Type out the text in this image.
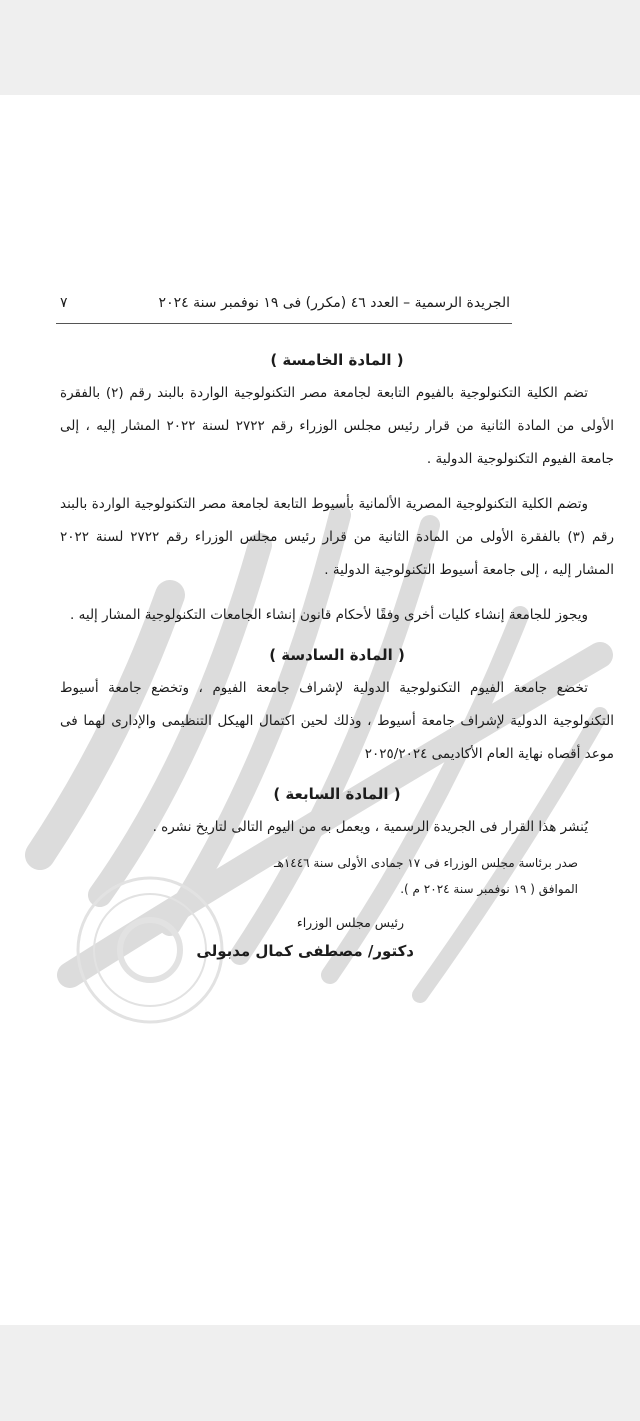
الجريدة الرسمية – العدد ٤٦ (مكرر) فى ١٩ نوفمبر سنة ٢٠٢٤
٧

( المادة الخامسة )

تضم الكلية التكنولوجية بالفيوم التابعة لجامعة مصر التكنولوجية الواردة بالبند رقم (٢) بالفقرة الأولى من المادة الثانية من قرار رئيس مجلس الوزراء رقم ٢٧٢٢ لسنة ٢٠٢٢ المشار إليه ، إلى جامعة الفيوم التكنولوجية الدولية .

وتضم الكلية التكنولوجية المصرية الألمانية بأسيوط التابعة لجامعة مصر التكنولوجية الواردة بالبند رقم (٣) بالفقرة الأولى من المادة الثانية من قرار رئيس مجلس الوزراء رقم ٢٧٢٢ لسنة ٢٠٢٢ المشار إليه ، إلى جامعة أسيوط التكنولوجية الدولية .

ويجوز للجامعة إنشاء كليات أخرى وفقًا لأحكام قانون إنشاء الجامعات التكنولوجية المشار إليه .

( المادة السادسة )

تخضع جامعة الفيوم التكنولوجية الدولية لإشراف جامعة الفيوم ، وتخضع جامعة أسيوط التكنولوجية الدولية لإشراف جامعة أسيوط ، وذلك لحين اكتمال الهيكل التنظيمى والإدارى لهما فى موعد أقصاه نهاية العام الأكاديمى ٢٠٢٥/٢٠٢٤

( المادة السابعة )

يُنشر هذا القرار فى الجريدة الرسمية ، ويعمل به من اليوم التالى لتاريخ نشره .

صدر برئاسة مجلس الوزراء فى ١٧ جمادى الأولى سنة ١٤٤٦هـ

الموافق ( ١٩ نوفمبر سنة ٢٠٢٤ م ).

رئيس مجلس الوزراء
دكتور/ مصطفى كمال مدبولى
